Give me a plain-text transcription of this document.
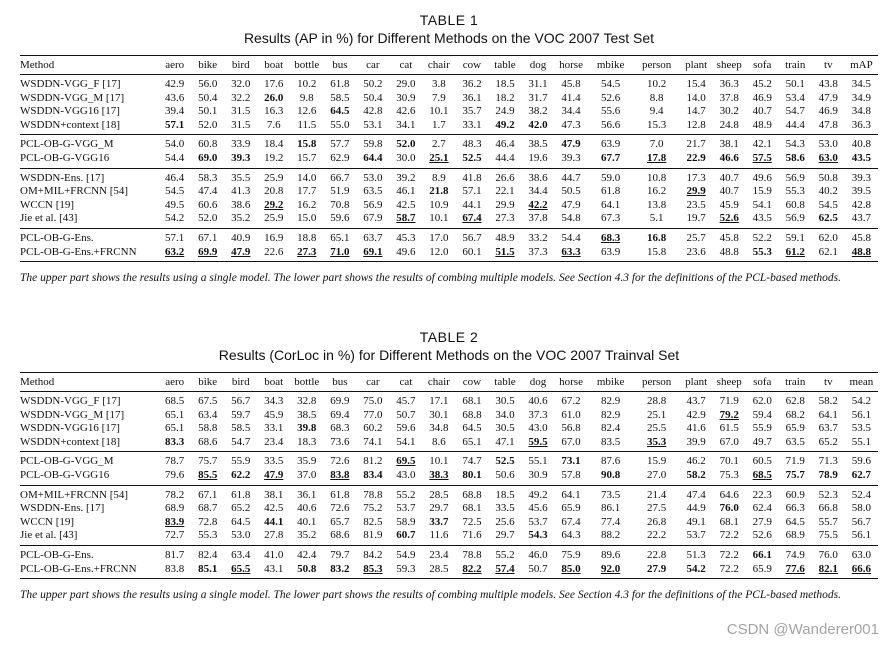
TABLE 1
Results (AP in %) for Different Methods on the VOC 2007 Test Set
Method	aero	bike	bird	boat	bottle	bus	car	cat	chair	cow	table	dog	horse	mbike	person	plant	sheep	sofa	train	tv	mAP
WSDDN-VGG_F [17]	42.9	56.0	32.0	17.6	10.2	61.8	50.2	29.0	3.8	36.2	18.5	31.1	45.8	54.5	10.2	15.4	36.3	45.2	50.1	43.8	34.5
WSDDN-VGG_M [17]	43.6	50.4	32.2	26.0	9.8	58.5	50.4	30.9	7.9	36.1	18.2	31.7	41.4	52.6	8.8	14.0	37.8	46.9	53.4	47.9	34.9
WSDDN-VGG16 [17]	39.4	50.1	31.5	16.3	12.6	64.5	42.8	42.6	10.1	35.7	24.9	38.2	34.4	55.6	9.4	14.7	30.2	40.7	54.7	46.9	34.8
WSDDN+context [18]	57.1	52.0	31.5	7.6	11.5	55.0	53.1	34.1	1.7	33.1	49.2	42.0	47.3	56.6	15.3	12.8	24.8	48.9	44.4	47.8	36.3
PCL-OB-G-VGG_M	54.0	60.8	33.9	18.4	15.8	57.7	59.8	52.0	2.7	48.3	46.4	38.5	47.9	63.9	7.0	21.7	38.1	42.1	54.3	53.0	40.8
PCL-OB-G-VGG16	54.4	69.0	39.3	19.2	15.7	62.9	64.4	30.0	25.1	52.5	44.4	19.6	39.3	67.7	17.8	22.9	46.6	57.5	58.6	63.0	43.5
WSDDN-Ens. [17]	46.4	58.3	35.5	25.9	14.0	66.7	53.0	39.2	8.9	41.8	26.6	38.6	44.7	59.0	10.8	17.3	40.7	49.6	56.9	50.8	39.3
OM+MIL+FRCNN [54]	54.5	47.4	41.3	20.8	17.7	51.9	63.5	46.1	21.8	57.1	22.1	34.4	50.5	61.8	16.2	29.9	40.7	15.9	55.3	40.2	39.5
WCCN [19]	49.5	60.6	38.6	29.2	16.2	70.8	56.9	42.5	10.9	44.1	29.9	42.2	47.9	64.1	13.8	23.5	45.9	54.1	60.8	54.5	42.8
Jie et al. [43]	54.2	52.0	35.2	25.9	15.0	59.6	67.9	58.7	10.1	67.4	27.3	37.8	54.8	67.3	5.1	19.7	52.6	43.5	56.9	62.5	43.7
PCL-OB-G-Ens.	57.1	67.1	40.9	16.9	18.8	65.1	63.7	45.3	17.0	56.7	48.9	33.2	54.4	68.3	16.8	25.7	45.8	52.2	59.1	62.0	45.8
PCL-OB-G-Ens.+FRCNN	63.2	69.9	47.9	22.6	27.3	71.0	69.1	49.6	12.0	60.1	51.5	37.3	63.3	63.9	15.8	23.6	48.8	55.3	61.2	62.1	48.8
The upper part shows the results using a single model. The lower part shows the results of combing multiple models. See Section 4.3 for the definitions of the PCL-based methods.
TABLE 2
Results (CorLoc in %) for Different Methods on the VOC 2007 Trainval Set
Method	aero	bike	bird	boat	bottle	bus	car	cat	chair	cow	table	dog	horse	mbike	person	plant	sheep	sofa	train	tv	mean
WSDDN-VGG_F [17]	68.5	67.5	56.7	34.3	32.8	69.9	75.0	45.7	17.1	68.1	30.5	40.6	67.2	82.9	28.8	43.7	71.9	62.0	62.8	58.2	54.2
WSDDN-VGG_M [17]	65.1	63.4	59.7	45.9	38.5	69.4	77.0	50.7	30.1	68.8	34.0	37.3	61.0	82.9	25.1	42.9	79.2	59.4	68.2	64.1	56.1
WSDDN-VGG16 [17]	65.1	58.8	58.5	33.1	39.8	68.3	60.2	59.6	34.8	64.5	30.5	43.0	56.8	82.4	25.5	41.6	61.5	55.9	65.9	63.7	53.5
WSDDN+context [18]	83.3	68.6	54.7	23.4	18.3	73.6	74.1	54.1	8.6	65.1	47.1	59.5	67.0	83.5	35.3	39.9	67.0	49.7	63.5	65.2	55.1
PCL-OB-G-VGG_M	78.7	75.7	55.9	33.5	35.9	72.6	81.2	69.5	10.1	74.7	52.5	55.1	73.1	87.6	15.9	46.2	70.1	60.5	71.9	71.3	59.6
PCL-OB-G-VGG16	79.6	85.5	62.2	47.9	37.0	83.8	83.4	43.0	38.3	80.1	50.6	30.9	57.8	90.8	27.0	58.2	75.3	68.5	75.7	78.9	62.7
OM+MIL+FRCNN [54]	78.2	67.1	61.8	38.1	36.1	61.8	78.8	55.2	28.5	68.8	18.5	49.2	64.1	73.5	21.4	47.4	64.6	22.3	60.9	52.3	52.4
WSDDN-Ens. [17]	68.9	68.7	65.2	42.5	40.6	72.6	75.2	53.7	29.7	68.1	33.5	45.6	65.9	86.1	27.5	44.9	76.0	62.4	66.3	66.8	58.0
WCCN [19]	83.9	72.8	64.5	44.1	40.1	65.7	82.5	58.9	33.7	72.5	25.6	53.7	67.4	77.4	26.8	49.1	68.1	27.9	64.5	55.7	56.7
Jie et al. [43]	72.7	55.3	53.0	27.8	35.2	68.6	81.9	60.7	11.6	71.6	29.7	54.3	64.3	88.2	22.2	53.7	72.2	52.6	68.9	75.5	56.1
PCL-OB-G-Ens.	81.7	82.4	63.4	41.0	42.4	79.7	84.2	54.9	23.4	78.8	55.2	46.0	75.9	89.6	22.8	51.3	72.2	66.1	74.9	76.0	63.0
PCL-OB-G-Ens.+FRCNN	83.8	85.1	65.5	43.1	50.8	83.2	85.3	59.3	28.5	82.2	57.4	50.7	85.0	92.0	27.9	54.2	72.2	65.9	77.6	82.1	66.6
The upper part shows the results using a single model. The lower part shows the results of combing multiple models. See Section 4.3 for the definitions of the PCL-based methods.
CSDN @Wanderer001
